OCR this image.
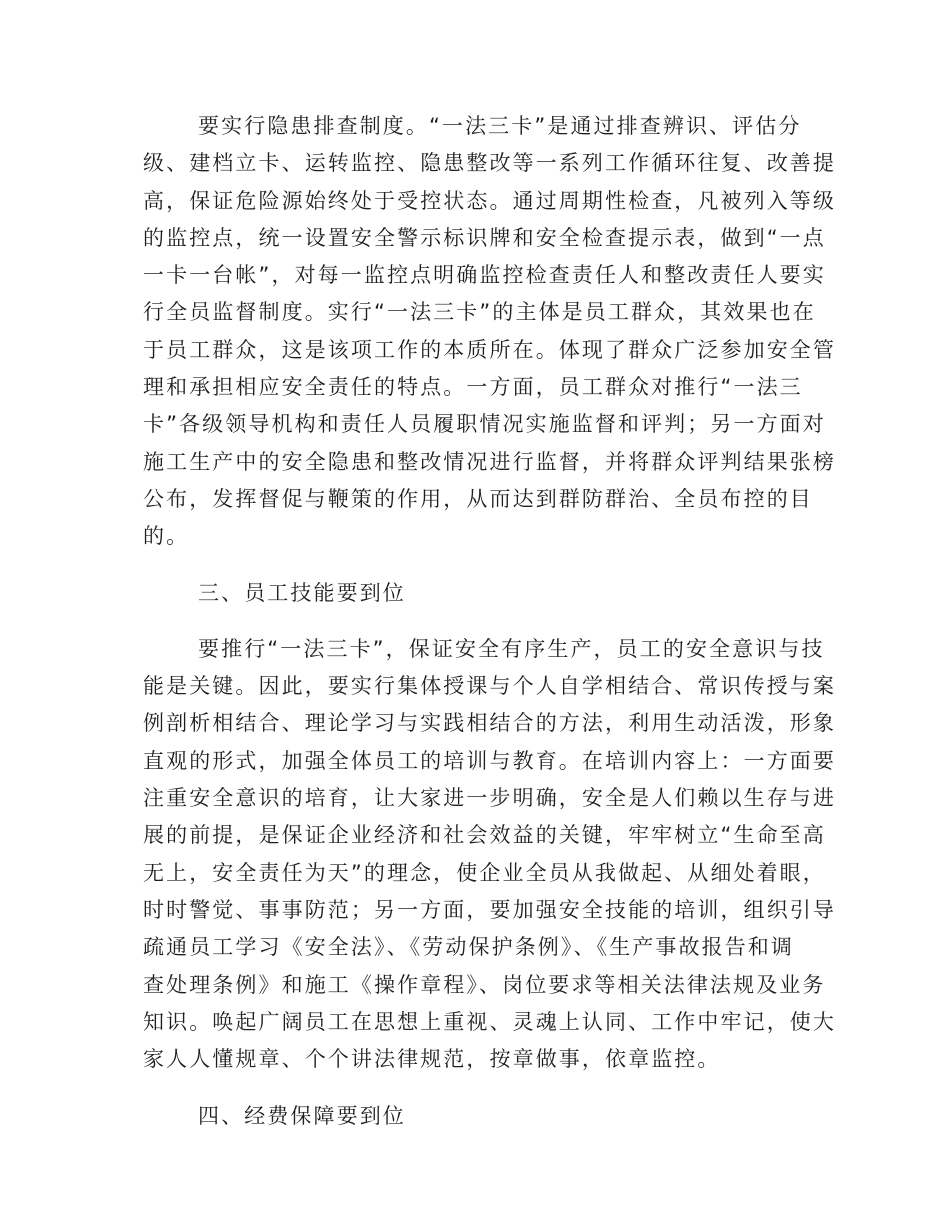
要实行隐患排查制度。“一法三卡”是通过排查辨识、评估分
级、建档立卡、运转监控、隐患整改等一系列工作循环往复、改善提
高，保证危险源始终处于受控状态。通过周期性检查，凡被列入等级
的监控点，统一设置安全警示标识牌和安全检查提示表，做到“一点
一卡一台帐”，对每一监控点明确监控检查责任人和整改责任人要实
行全员监督制度。实行“一法三卡”的主体是员工群众，其效果也在
于员工群众，这是该项工作的本质所在。体现了群众广泛参加安全管
理和承担相应安全责任的特点。一方面，员工群众对推行“一法三
卡”各级领导机构和责任人员履职情况实施监督和评判；另一方面对
施工生产中的安全隐患和整改情况进行监督，并将群众评判结果张榜
公布，发挥督促与鞭策的作用，从而达到群防群治、全员布控的目
的。
三、员工技能要到位
要推行“一法三卡”，保证安全有序生产，员工的安全意识与技
能是关键。因此，要实行集体授课与个人自学相结合、常识传授与案
例剖析相结合、理论学习与实践相结合的方法，利用生动活泼，形象
直观的形式，加强全体员工的培训与教育。在培训内容上：一方面要
注重安全意识的培育，让大家进一步明确，安全是人们赖以生存与进
展的前提，是保证企业经济和社会效益的关键，牢牢树立“生命至高
无上，安全责任为天”的理念，使企业全员从我做起、从细处着眼，
时时警觉、事事防范；另一方面，要加强安全技能的培训，组织引导
疏通员工学习《安全法》、《劳动保护条例》、《生产事故报告和调
查处理条例》和施工《操作章程》、岗位要求等相关法律法规及业务
知识。唤起广阔员工在思想上重视、灵魂上认同、工作中牢记，使大
家人人懂规章、个个讲法律规范，按章做事，依章监控。
四、经费保障要到位
